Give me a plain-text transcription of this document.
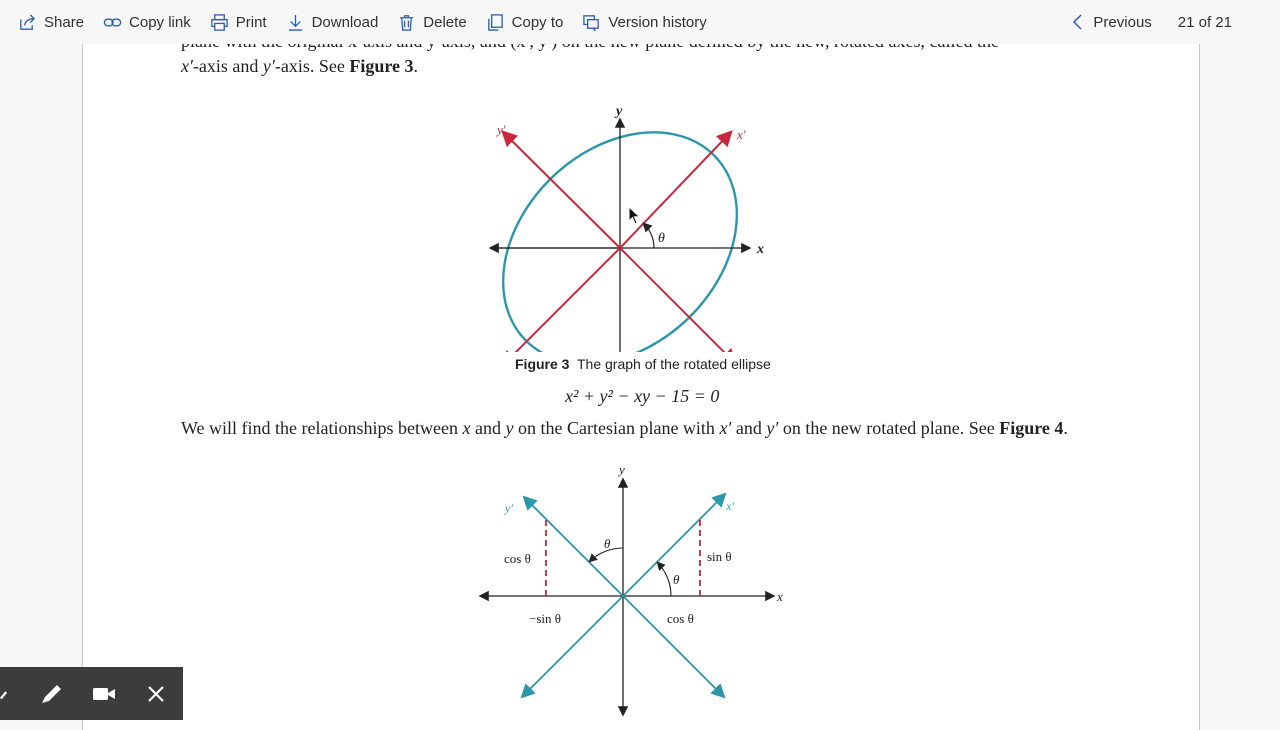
Share	Copy link	Print	Download	Delete	Copy to	Version history	Previous 21 of 21
x′-axis and y′-axis. See Figure 3.
θ
y
x
y′	x′
Figure 3 The graph of the rotated ellipse
x² + y² − xy − 15 = 0
We will find the relationships between x and y on the Cartesian plane with x′ and y′ on the new rotated plane. See Figure 4.
θ
θ
y
x
y′	x′
cos θ	sin θ
−sin θ	cos θ
